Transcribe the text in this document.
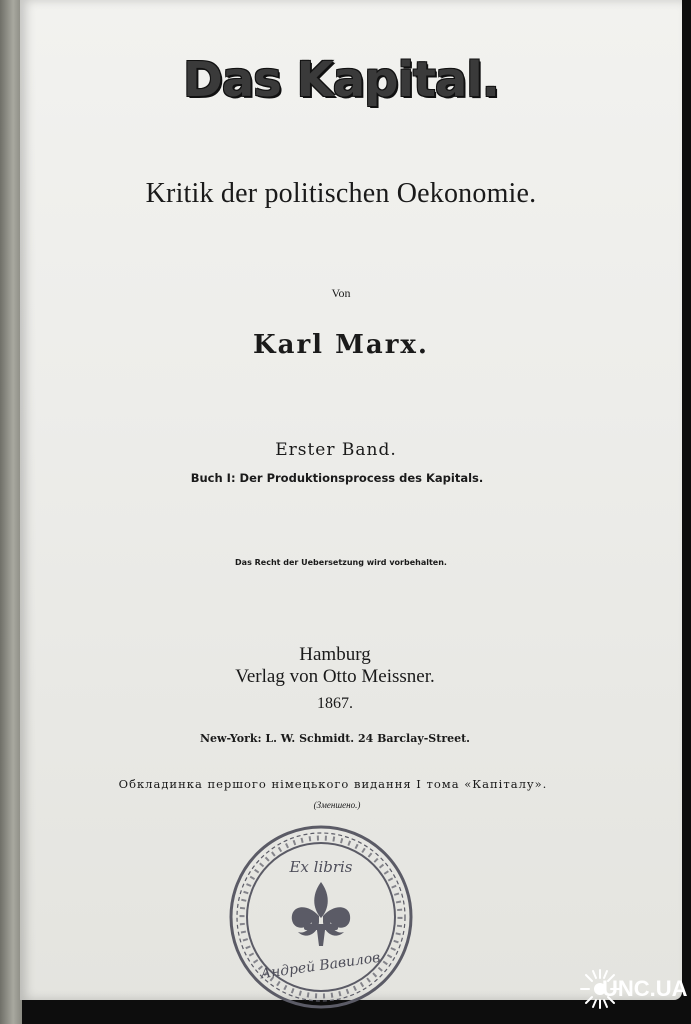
Das Kapital.
Kritik der politischen Oekonomie.
Von
Karl Marx.
Erster Band.
Buch I: Der Produktionsprocess des Kapitals.
Das Recht der Uebersetzung wird vorbehalten.
Hamburg
Verlag von Otto Meissner.
1867.
New-York: L. W. Schmidt. 24 Barclay-Street.
Обкладинка першого німецького видання І тома «Капіталу».
(Зменшено.)
Ex libris
Андрей Вавилов
UNC.UA
